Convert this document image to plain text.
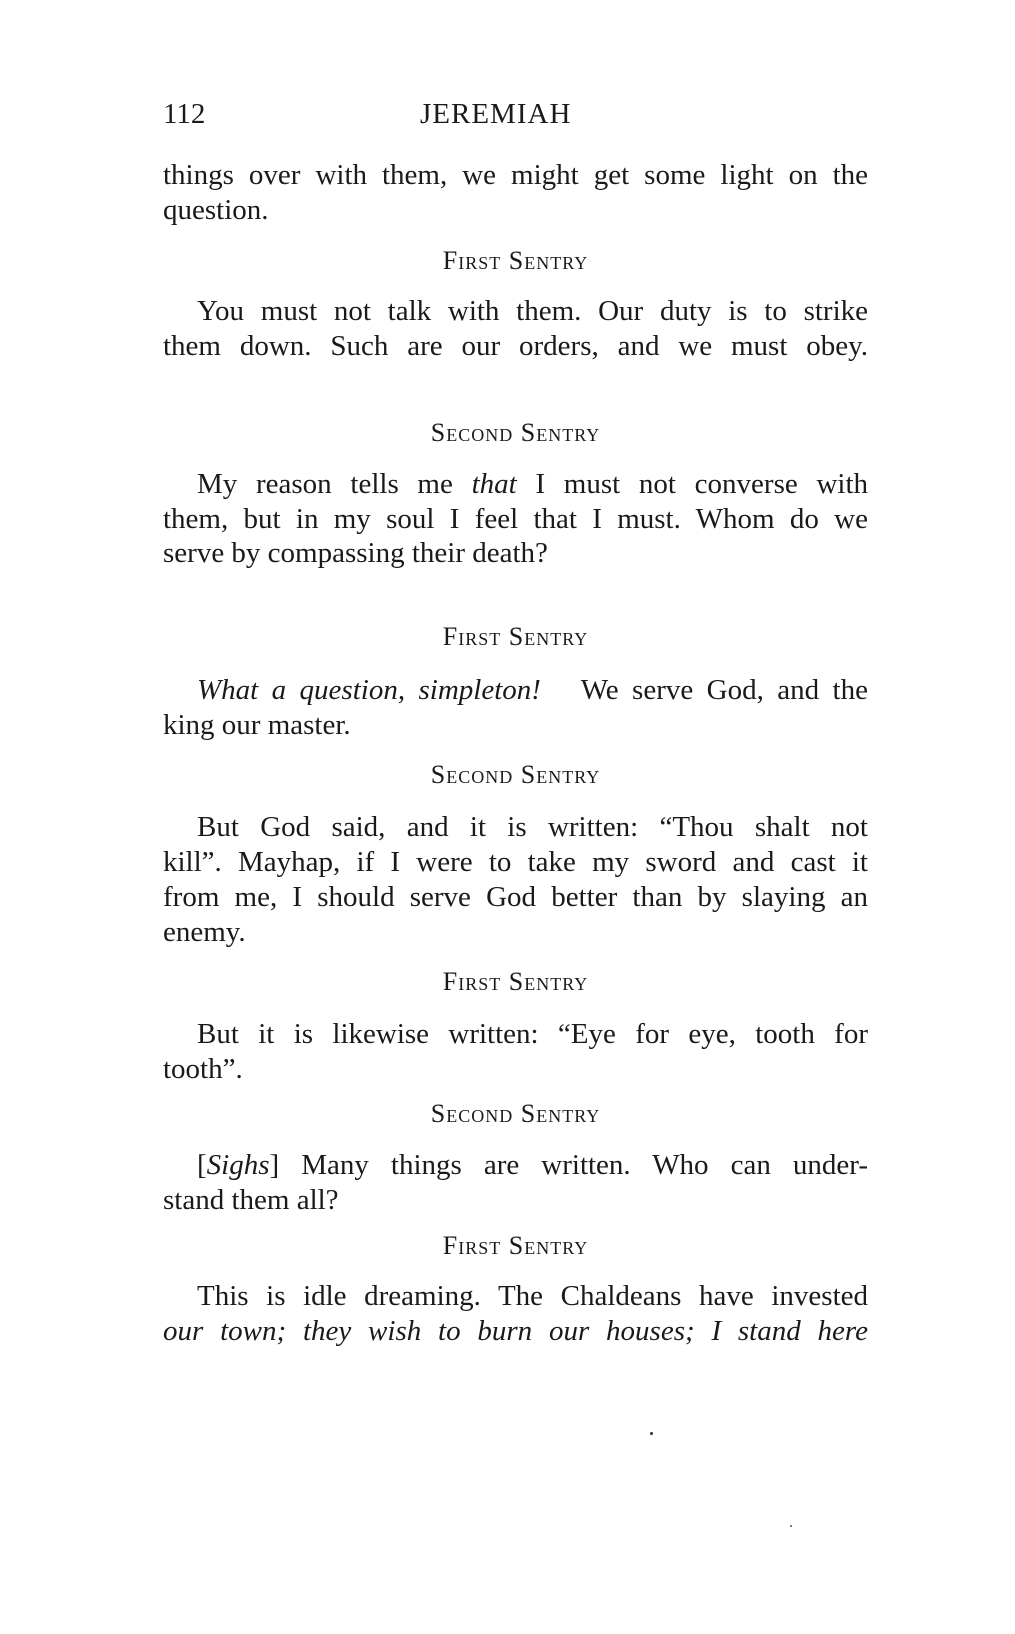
112	JEREMIAH
things over with them, we might get some light on the
question.
First Sentry
You must not talk with them. Our duty is to strike
them down. Such are our orders, and we must obey.
Second Sentry
My reason tells me that I must not converse with
them, but in my soul I feel that I must. Whom do we
serve by compassing their death?
First Sentry
What a question, simpleton! We serve God, and the
king our master.
Second Sentry
But God said, and it is written: “Thou shalt not
kill”. Mayhap, if I were to take my sword and cast it
from me, I should serve God better than by slaying an
enemy.
First Sentry
But it is likewise written: “Eye for eye, tooth for
tooth”.
Second Sentry
[Sighs] Many things are written. Who can under-
stand them all?
First Sentry
This is idle dreaming. The Chaldeans have invested
our town; they wish to burn our houses; I stand here
